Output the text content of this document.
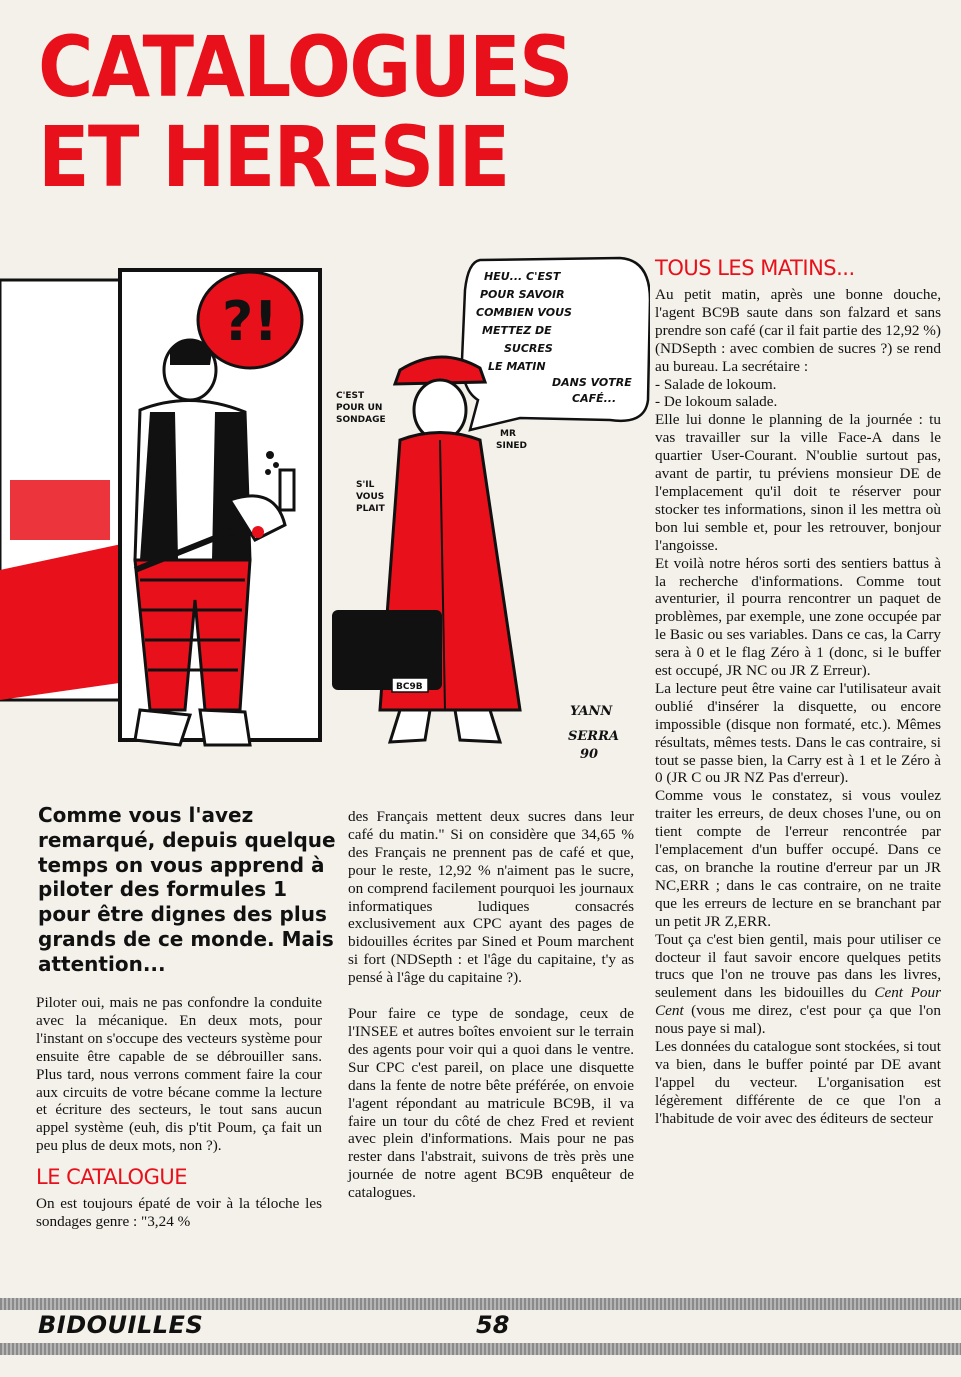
CATALOGUES
ET HERESIE
?!
C'EST
POUR UN
SONDAGE
S'IL
VOUS
PLAIT
MR
SINED
HEU... C'EST
POUR SAVOIR
COMBIEN VOUS
METTEZ DE
SUCRES
LE MATIN
DANS VOTRE
CAFÉ...
BC9B
YANN
SERRA
90
TOUS LES MATINS...

Au petit matin, après une bonne douche, l'agent BC9B saute dans son falzard et sans prendre son café (car il fait partie des 12,92 %) (NDSepth : avec combien de sucres ?) se rend au bureau. La secrétaire :

- Salade de lokoum.

- De lokoum salade.

Elle lui donne le planning de la journée : tu vas travailler sur la ville Face-A dans le quartier User-Courant. N'oublie surtout pas, avant de partir, tu préviens monsieur DE de l'emplacement qu'il doit te réserver pour stocker tes informations, sinon il les mettra où bon lui semble et, pour les retrouver, bonjour l'angoisse.

Et voilà notre héros sorti des sentiers battus à la recherche d'informations. Comme tout aventurier, il pourra rencontrer un paquet de problèmes, par exemple, une zone occupée par le Basic ou ses variables. Dans ce cas, la Carry sera à 0 et le flag Zéro à 1 (donc, si le buffer est occupé, JR NC ou JR Z Erreur).

La lecture peut être vaine car l'utilisateur avait oublié d'insérer la disquette, ou encore impossible (disque non formaté, etc.). Mêmes résultats, mêmes tests. Dans le cas contraire, si tout se passe bien, la Carry est à 1 et le Zéro à 0 (JR C ou JR NZ Pas d'erreur).

Comme vous le constatez, si vous voulez traiter les erreurs, de deux choses l'une, ou on tient compte de l'erreur rencontrée par l'emplacement d'un buffer occupé. Dans ce cas, on branche la routine d'erreur par un JR NC,ERR ; dans le cas contraire, on ne traite que les erreurs de lecture en se branchant par un petit JR Z,ERR.

Tout ça c'est bien gentil, mais pour utiliser ce docteur il faut savoir encore quelques petits trucs que l'on ne trouve pas dans les livres, seulement dans les bidouilles du Cent Pour Cent (vous me direz, c'est pour ça que l'on nous paye si mal).

Les données du catalogue sont stockées, si tout va bien, dans le buffer pointé par DE avant l'appel du vecteur. L'organisation est légèrement différente de ce que l'on a l'habitude de voir avec des éditeurs de secteur

Comme vous l'avez remarqué, depuis quelque temps on vous apprend à piloter des formules 1 pour être dignes des plus grands de ce monde. Mais attention...

Piloter oui, mais ne pas confondre la conduite avec la mécanique. En deux mots, pour l'instant on s'occupe des vecteurs système pour ensuite être capable de se débrouiller sans. Plus tard, nous verrons comment faire la cour aux circuits de votre bécane comme la lecture et écriture des secteurs, le tout sans aucun appel système (euh, dis p'tit Poum, ça fait un peu plus de deux mots, non ?).

LE CATALOGUE

On est toujours épaté de voir à la téloche les sondages genre : "3,24 %

des Français mettent deux sucres dans leur café du matin." Si on considère que 34,65 % des Français ne prennent pas de café et que, pour le reste, 12,92 % n'aiment pas le sucre, on comprend facilement pourquoi les journaux informatiques ludiques consacrés exclusivement aux CPC ayant des pages de bidouilles écrites par Sined et Poum marchent si fort (NDSepth : et l'âge du capitaine, t'y as pensé à l'âge du capitaine ?).

Pour faire ce type de sondage, ceux de l'INSEE et autres boîtes envoient sur le terrain des agents pour voir qui a quoi dans le ventre. Sur CPC c'est pareil, on place une disquette dans la fente de notre bête préférée, on envoie l'agent répondant au matricule BC9B, il va faire un tour du côté de chez Fred et revient avec plein d'informations. Mais pour ne pas rester dans l'abstrait, suivons de très près une journée de notre agent BC9B enquêteur de catalogues.

BIDOUILLES	58
